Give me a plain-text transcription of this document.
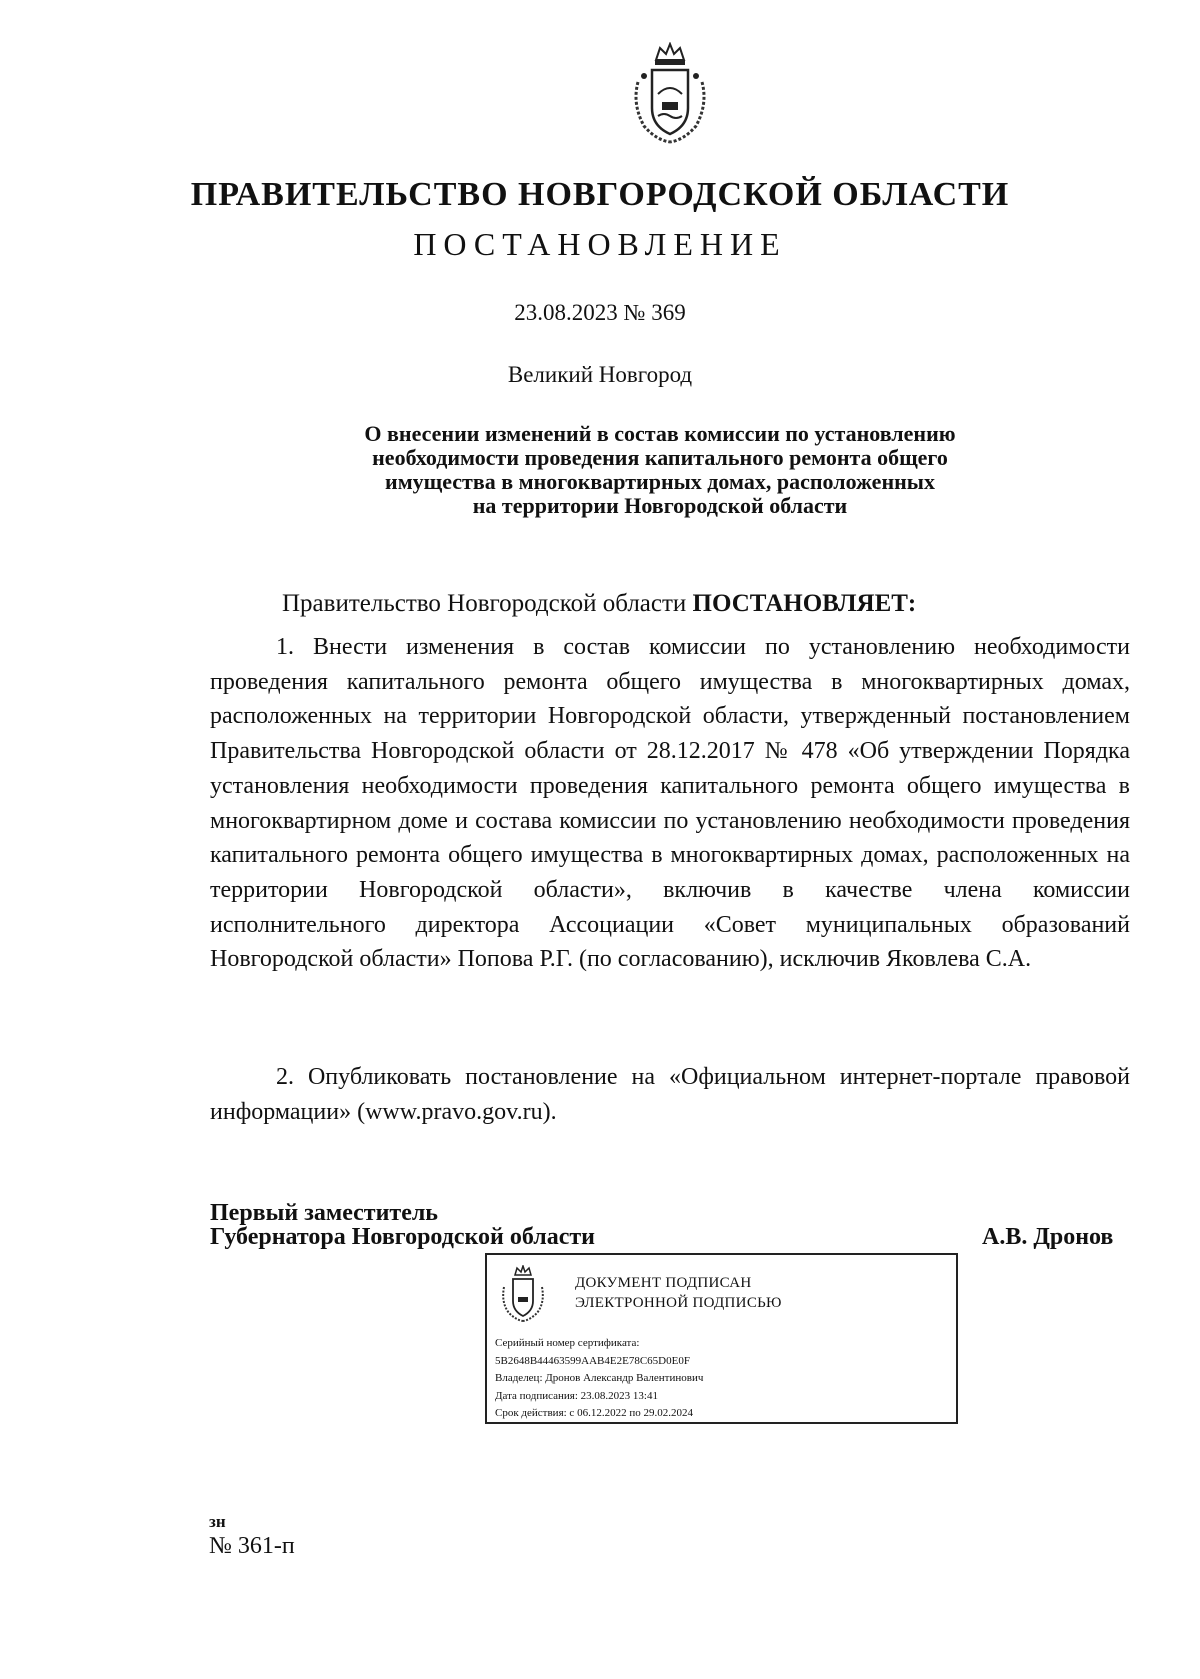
ПРАВИТЕЛЬСТВО НОВГОРОДСКОЙ ОБЛАСТИ
ПОСТАНОВЛЕНИЕ
23.08.2023 № 369
Великий Новгород
О внесении изменений в состав комиссии по установлению
необходимости проведения капитального ремонта общего
имущества в многоквартирных домах, расположенных
на территории Новгородской области
Правительство Новгородской области ПОСТАНОВЛЯЕТ:

1. Внести изменения в состав комиссии по установлению необходимости проведения капитального ремонта общего имущества в многоквартирных домах, расположенных на территории Новгородской области, утвержденный постановлением Правительства Новгородской области от 28.12.2017 № 478 «Об утверждении Порядка установления необходимости проведения капитального ремонта общего имущества в многоквартирном доме и состава комиссии по установлению необходимости проведения капитального ремонта общего имущества в многоквартирных домах, расположенных на территории Новгородской области», включив в качестве члена комиссии исполнительного директора Ассоциации «Совет муниципальных образований Новгородской области» Попова Р.Г. (по согласованию), исключив Яковлева С.А.

2. Опубликовать постановление на «Официальном интернет-портале правовой информации» (www.pravo.gov.ru).

Первый заместитель
Губернатора Новгородской области	А.В. Дронов
ДОКУМЕНТ ПОДПИСАН
ЭЛЕКТРОННОЙ ПОДПИСЬЮ
Серийный номер сертификата:
5B2648B44463599AAB4E2E78C65D0E0F
Владелец: Дронов Александр Валентинович
Дата подписания: 23.08.2023 13:41
Срок действия: с 06.12.2022 по 29.02.2024
зн
№ 361-п
